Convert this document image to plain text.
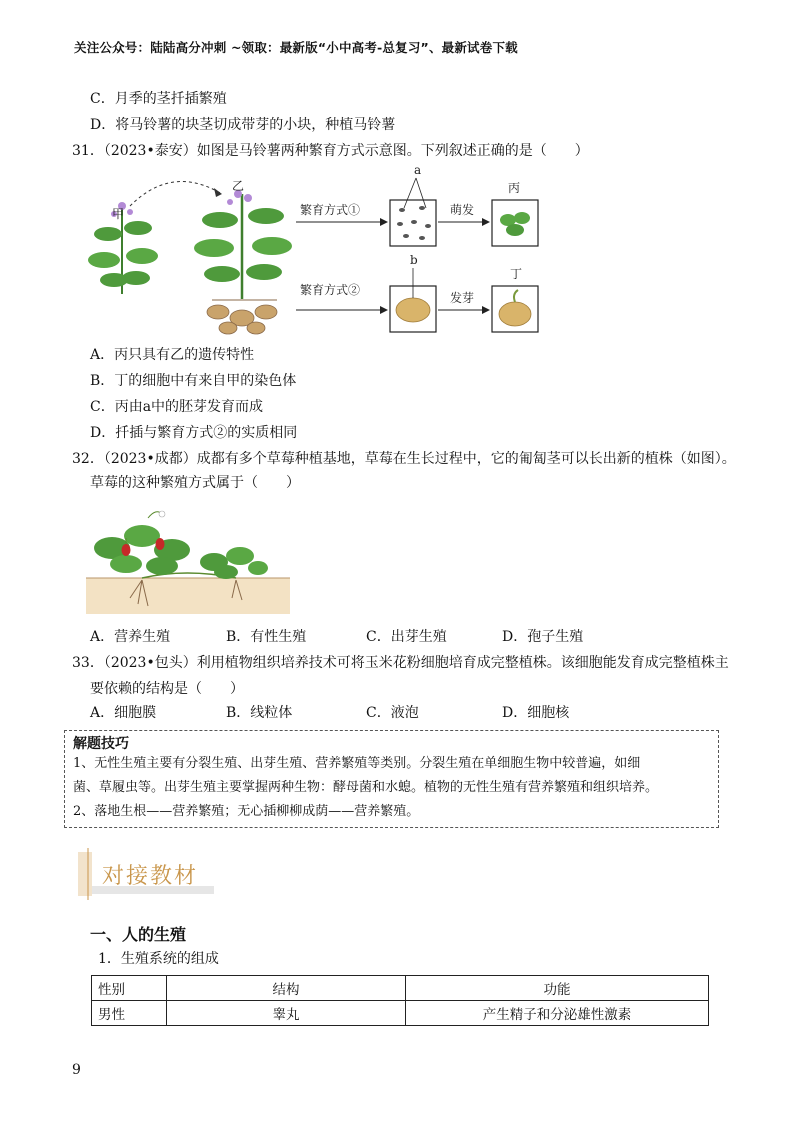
关注公众号：陆陆高分冲刺 ~领取：最新版“小中高考-总复习”、最新试卷下载
C．月季的茎扦插繁殖
D．将马铃薯的块茎切成带芽的小块，种植马铃薯
31．（2023•泰安）如图是马铃薯两种繁育方式示意图。下列叙述正确的是（　　）
甲
乙
繁育方式①
a
萌发
丙
繁育方式②
b
发芽
丁
A．丙只具有乙的遗传特性
B．丁的细胞中有来自甲的染色体
C．丙由a中的胚芽发育而成
D．扦插与繁育方式②的实质相同
32．（2023•成都）成都有多个草莓种植基地，草莓在生长过程中，它的匍匐茎可以长出新的植株（如图）。
草莓的这种繁殖方式属于（　　）
A．营养生殖	B．有性生殖	C．出芽生殖	D．孢子生殖
33．（2023•包头）利用植物组织培养技术可将玉米花粉细胞培育成完整植株。该细胞能发育成完整植株主
要依赖的结构是（　　）
A．细胞膜	B．线粒体	C．液泡	D．细胞核
解题技巧
1、无性生殖主要有分裂生殖、出芽生殖、营养繁殖等类别。分裂生殖在单细胞生物中较普遍，如细
菌、草履虫等。出芽生殖主要掌握两种生物：酵母菌和水螅。植物的无性生殖有营养繁殖和组织培养。
2、落地生根——营养繁殖；无心插柳柳成荫——营养繁殖。
对接教材
一、人的生殖
1．生殖系统的组成
性别	结构	功能
男性	睾丸	产生精子和分泌雄性激素
9
